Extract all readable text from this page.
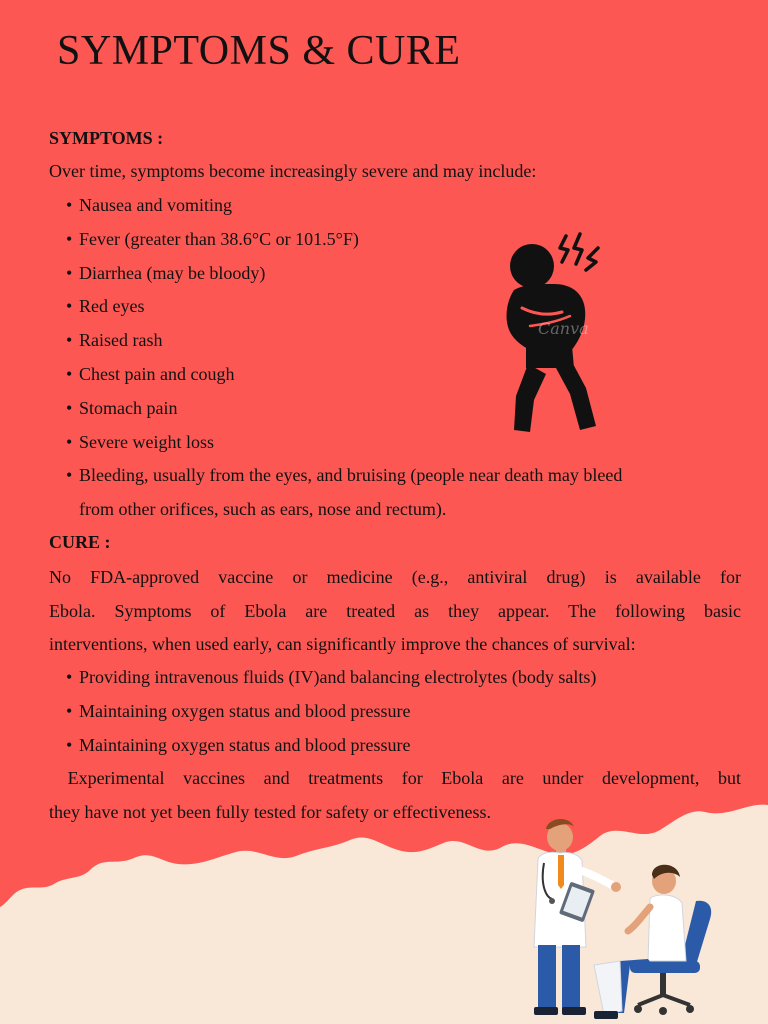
SYMPTOMS & CURE
SYMPTOMS :

Over time, symptoms become increasingly severe and may include:

• Nausea and vomiting
• Fever (greater than 38.6°C or 101.5°F)
• Diarrhea (may be bloody)
• Red eyes
• Raised rash
• Chest pain and cough
• Stomach pain
• Severe weight loss
• Bleeding, usually from the eyes, and bruising (people near death may bleed
from other orifices, such as ears, nose and rectum).
CURE :
No FDA-approved vaccine or medicine (e.g., antiviral drug) is available for
Ebola. Symptoms of Ebola are treated as they appear. The following basic
interventions, when used early, can significantly improve the chances of survival:
• Providing intravenous fluids (IV)and balancing electrolytes (body salts)
• Maintaining oxygen status and blood pressure
• Maintaining oxygen status and blood pressure
Experimental vaccines and treatments for Ebola are under development, but
they have not yet been fully tested for safety or effectiveness.
Canva
